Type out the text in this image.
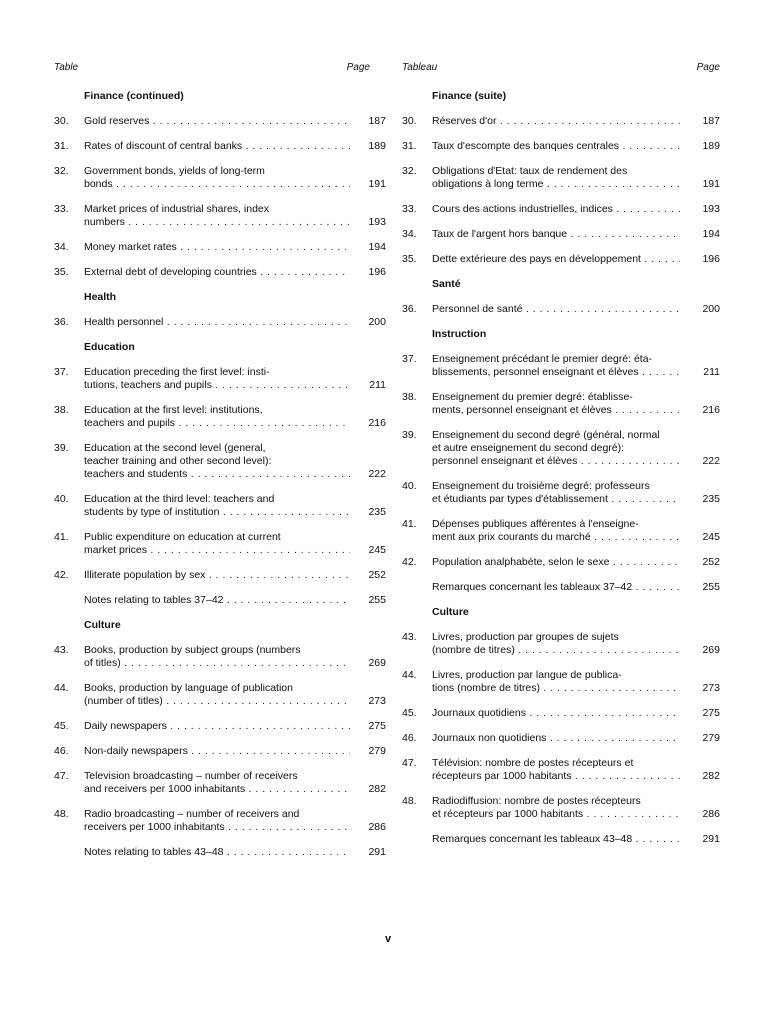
Table	Page
Finance (continued)
30.	Gold reserves . . .	187
31.	Rates of discount of central banks . . .	189
32.	Government bonds, yields of long-term
bonds . . .	191
33.	Market prices of industrial shares, index
numbers . . .	193
34.	Money market rates . . .	194
35.	External debt of developing countries . . .	196
Health
36.	Health personnel . . .	200
Education
37.	Education preceding the first level: insti-
tutions, teachers and pupils . . .	211
38.	Education at the first level: institutions,
teachers and pupils . . .	216
39.	Education at the second level (general,
teacher training and other second level):
teachers and students . . .	222
40.	Education at the third level: teachers and
students by type of institution . . .	235
41.	Public expenditure on education at current
market prices . . .	245
42.	Illiterate population by sex . . .	252
Notes relating to tables 37–42 . . .	255
Culture
43.	Books, production by subject groups (numbers
of titles) . . .	269
44.	Books, production by language of publication
(number of titles) . . .	273
45.	Daily newspapers . . .	275
46.	Non-daily newspapers . . .	279
47.	Television broadcasting – number of receivers
and receivers per 1000 inhabitants . . .	282
48.	Radio broadcasting – number of receivers and
receivers per 1000 inhabitants . . .	286
Notes relating to tables 43–48 . . .	291
Tableau	Page
Finance (suite)
30.	Réserves d'or . . .	187
31.	Taux d'escompte des banques centrales . . .	189
32.	Obligations d'Etat: taux de rendement des
obligations à long terme . . .	191
33.	Cours des actions industrielles, indices . . .	193
34.	Taux de l'argent hors banque . . .	194
35.	Dette extérieure des pays en développement . . .	196
Santé
36.	Personnel de santé . . .	200
Instruction
37.	Enseignement précédant le premier degré: éta-
blissements, personnel enseignant et élèves . . .	211
38.	Enseignement du premier degré: établisse-
ments, personnel enseignant et élèves . . .	216
39.	Enseignement du second degré (général, normal
et autre enseignement du second degré):
personnel enseignant et élèves . . .	222
40.	Enseignement du troisième degré: professeurs
et étudiants par types d'établissement . . .	235
41.	Dépenses publiques afférentes à l'enseigne-
ment aux prix courants du marché . . .	245
42.	Population analphabète, selon le sexe . . .	252
Remarques concernant les tableaux 37–42 . . .	255
Culture
43.	Livres, production par groupes de sujets
(nombre de titres) . . .	269
44.	Livres, production par langue de publica-
tions (nombre de titres) . . .	273
45.	Journaux quotidiens . . .	275
46.	Journaux non quotidiens . . .	279
47.	Télévision: nombre de postes récepteurs et
récepteurs par 1000 habitants . . .	282
48.	Radiodiffusion: nombre de postes récepteurs
et récepteurs par 1000 habitants . . .	286
Remarques concernant les tableaux 43–48 . . .	291
v
